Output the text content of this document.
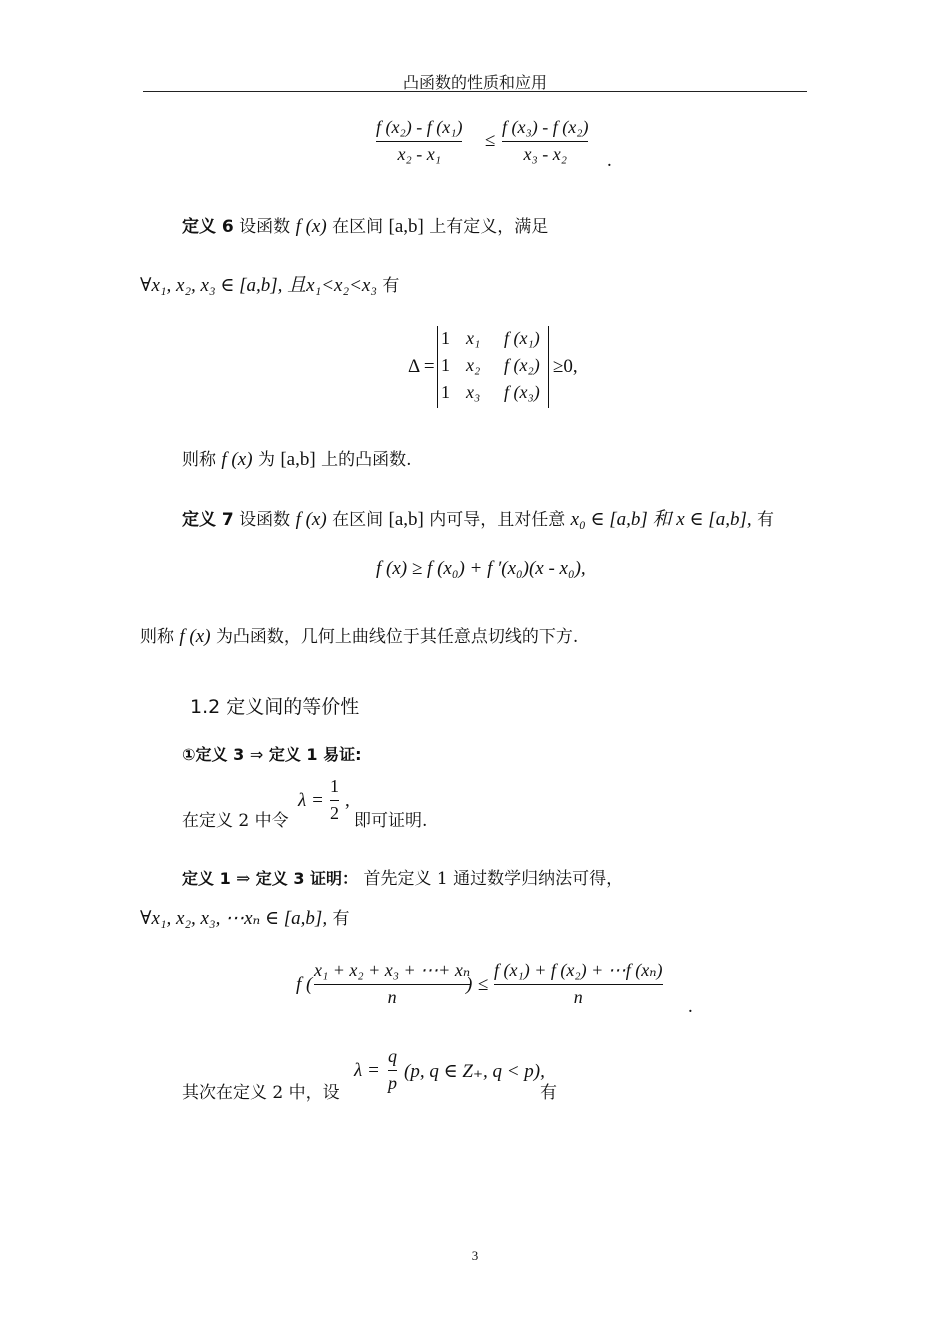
凸函数的性质和应用
f (x₂) - f (x₁)
x₂ - x₁
≤
f (x₃) - f (x₂)
x₃ - x₂ .
定义 6 设函数 f (x) 在区间 [a,b] 上有定义，满足
∀x₁, x₂, x₃ ∈ [a,b], 且x₁<x₂<x₃ 有
Δ =
1 x₁ f (x₁)
1 x₂ f (x₂)
1 x₃ f (x₃)
≥0,
则称 f (x) 为 [a,b] 上的凸函数.
定义 7 设函数 f (x) 在区间 [a,b] 内可导，且对任意 x₀ ∈ [a,b] 和 x ∈ [a,b], 有
f (x) ≥ f (x₀) + f ′(x₀)(x - x₀),
则称 f (x) 为凸函数，几何上曲线位于其任意点切线的下方.
1.2 定义间的等价性
①定义 3 ⇒ 定义 1 易证:
在定义 2 中令
λ =
1
2
,
即可证明.
定义 1 ⇒ 定义 3 证明： 首先定义 1 通过数学归纳法可得，
∀x₁, x₂, x₃, ⋯xₙ ∈ [a,b], 有
f (
x₁ + x₂ + x₃ + ⋯+ xₙ
n
) ≤
f (x₁) + f (x₂) + ⋯f (xₙ)
n	.
其次在定义 2 中，设
λ =
q
p
(p, q ∈ Z₊, q < p),
有
3
